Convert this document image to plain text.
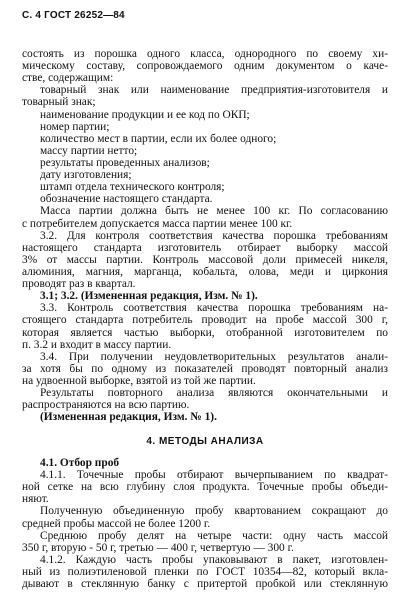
С. 4 ГОСТ 26252—84
состоять из порошка одного класса, однородного по своему хи-
мическому составу, сопровождаемого одним документом о каче-
стве, содержащим:
товарный знак или наименование предприятия-изготовителя и
товарный знак;
наименование продукции и ее код по ОКП;
номер партии;
количество мест в партии, если их более одного;
массу партии нетто;
результаты проведенных анализов;
дату изготовления;
штамп отдела технического контроля;
обозначение настоящего стандарта.
Масса партии должна быть не менее 100 кг. По согласованию
с потребителем допускается масса партии менее 100 кг.
3.2. Для контроля соответствия качества порошка требованиям
настоящего стандарта изготовитель отбирает выборку массой
3% от массы партии. Контроль массовой доли примесей никеля,
алюминия, магния, марганца, кобальта, олова, меди и циркония
проводят раз в квартал.
3.1; 3.2. (Измененная редакция, Изм. № 1).
3.3. Контроль соответствия качества порошка требованиям на-
стоящего стандарта потребитель проводит на пробе массой 300 г,
которая является частью выборки, отобранной изготовителем по
п. 3.2 и входит в массу партии.
3.4. При получении неудовлетворительных результатов анали-
за хотя бы по одному из показателей проводят повторный анализ
на удвоенной выборке, взятой из той же партии.
Результаты повторного анализа являются окончательными и
распространяются на всю партию.
(Измененная редакция, Изм. № 1).
4. МЕТОДЫ АНАЛИЗА
4.1. Отбор проб
4.1.1. Точечные пробы отбирают вычерпыванием по квадрат-
ной сетке на всю глубину слоя продукта. Точечные пробы объеди-
няют.
Полученную объединенную пробу квартованием сокращают до
средней пробы массой не более 1200 г.
Среднюю пробу делят на четыре части: одну часть массой
350 г, вторую - 50 г, третью — 400 г, четвертую — 300 г.
4.1.2. Каждую часть пробы упаковывают в пакет, изготовлен-
ный из полиэтиленовой пленки по ГОСТ 10354—82, который вкла-
дывают в стеклянную банку с притертой пробкой или стеклянную
